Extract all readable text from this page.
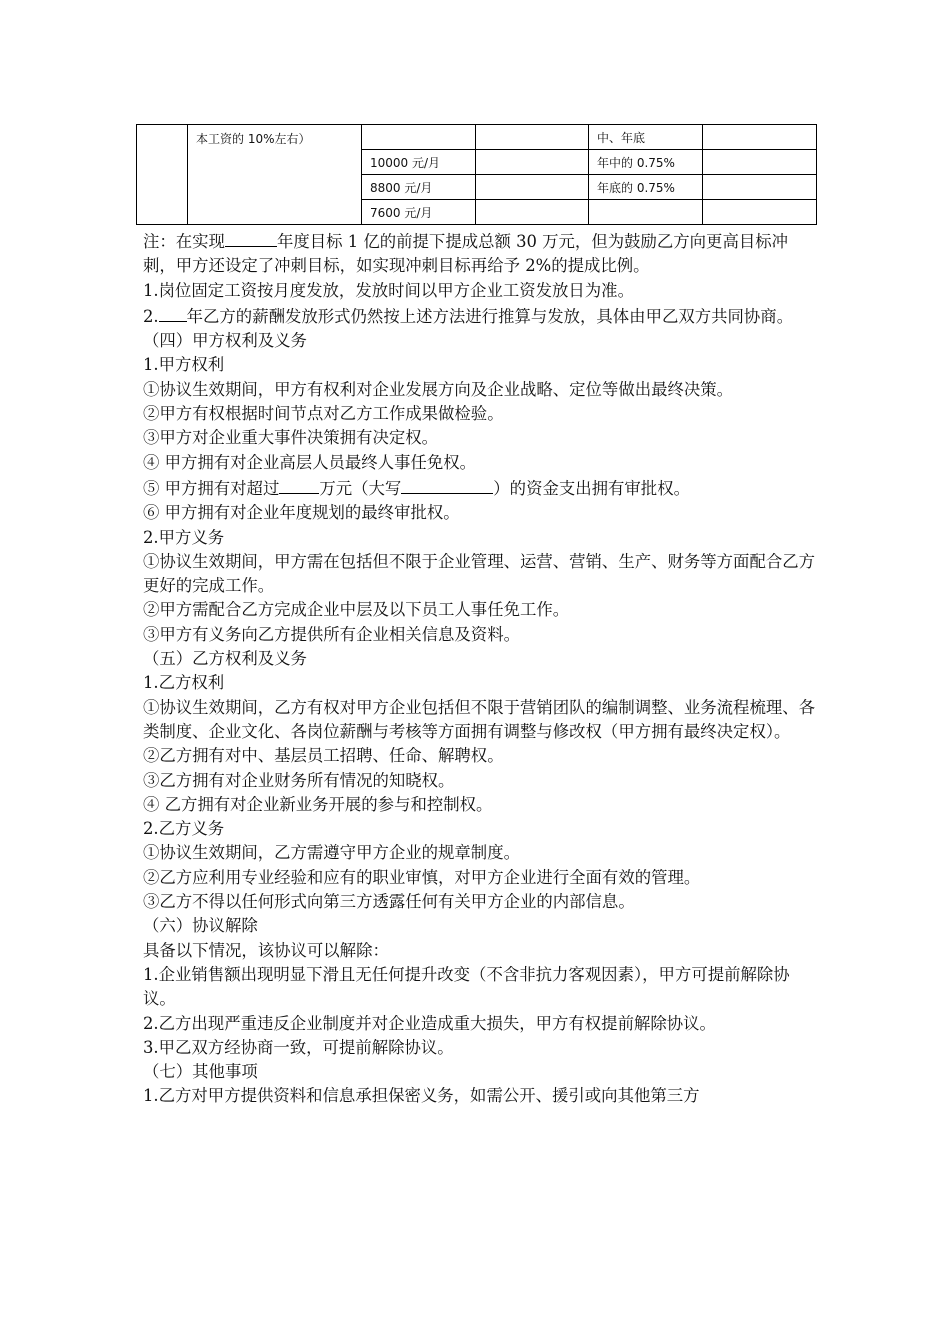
	本工资的 10%左右）			中、年底	
		10000 元/月		年中的 0.75%	
		8800 元/月		年底的 0.75%	
		7600 元/月			

注：在实现	年度目标 1 亿的前提下提成总额 30 万元，但为鼓励乙方向更高目标冲刺，甲方还设定了冲刺目标，如实现冲刺目标再给予 2%的提成比例。

1.岗位固定工资按月度发放，发放时间以甲方企业工资发放日为准。

2. 年乙方的薪酬发放形式仍然按上述方法进行推算与发放，具体由甲乙双方共同协商。

（四）甲方权利及义务

1.甲方权利

①协议生效期间，甲方有权利对企业发展方向及企业战略、定位等做出最终决策。

②甲方有权根据时间节点对乙方工作成果做检验。

③甲方对企业重大事件决策拥有决定权。

④ 甲方拥有对企业高层人员最终人事任免权。

⑤ 甲方拥有对超过 万元（大写	）的资金支出拥有审批权。

⑥ 甲方拥有对企业年度规划的最终审批权。

2.甲方义务

①协议生效期间，甲方需在包括但不限于企业管理、运营、营销、生产、财务等方面配合乙方更好的完成工作。

②甲方需配合乙方完成企业中层及以下员工人事任免工作。

③甲方有义务向乙方提供所有企业相关信息及资料。

（五）乙方权利及义务

1.乙方权利

①协议生效期间，乙方有权对甲方企业包括但不限于营销团队的编制调整、业务流程梳理、各类制度、企业文化、各岗位薪酬与考核等方面拥有调整与修改权（甲方拥有最终决定权）。

②乙方拥有对中、基层员工招聘、任命、解聘权。

③乙方拥有对企业财务所有情况的知晓权。

④ 乙方拥有对企业新业务开展的参与和控制权。

2.乙方义务

①协议生效期间，乙方需遵守甲方企业的规章制度。

②乙方应利用专业经验和应有的职业审慎，对甲方企业进行全面有效的管理。

③乙方不得以任何形式向第三方透露任何有关甲方企业的内部信息。

（六）协议解除

具备以下情况，该协议可以解除：

1.企业销售额出现明显下滑且无任何提升改变（不含非抗力客观因素），甲方可提前解除协议。

2.乙方出现严重违反企业制度并对企业造成重大损失，甲方有权提前解除协议。

3.甲乙双方经协商一致，可提前解除协议。

（七）其他事项

1.乙方对甲方提供资料和信息承担保密义务，如需公开、援引或向其他第三方
